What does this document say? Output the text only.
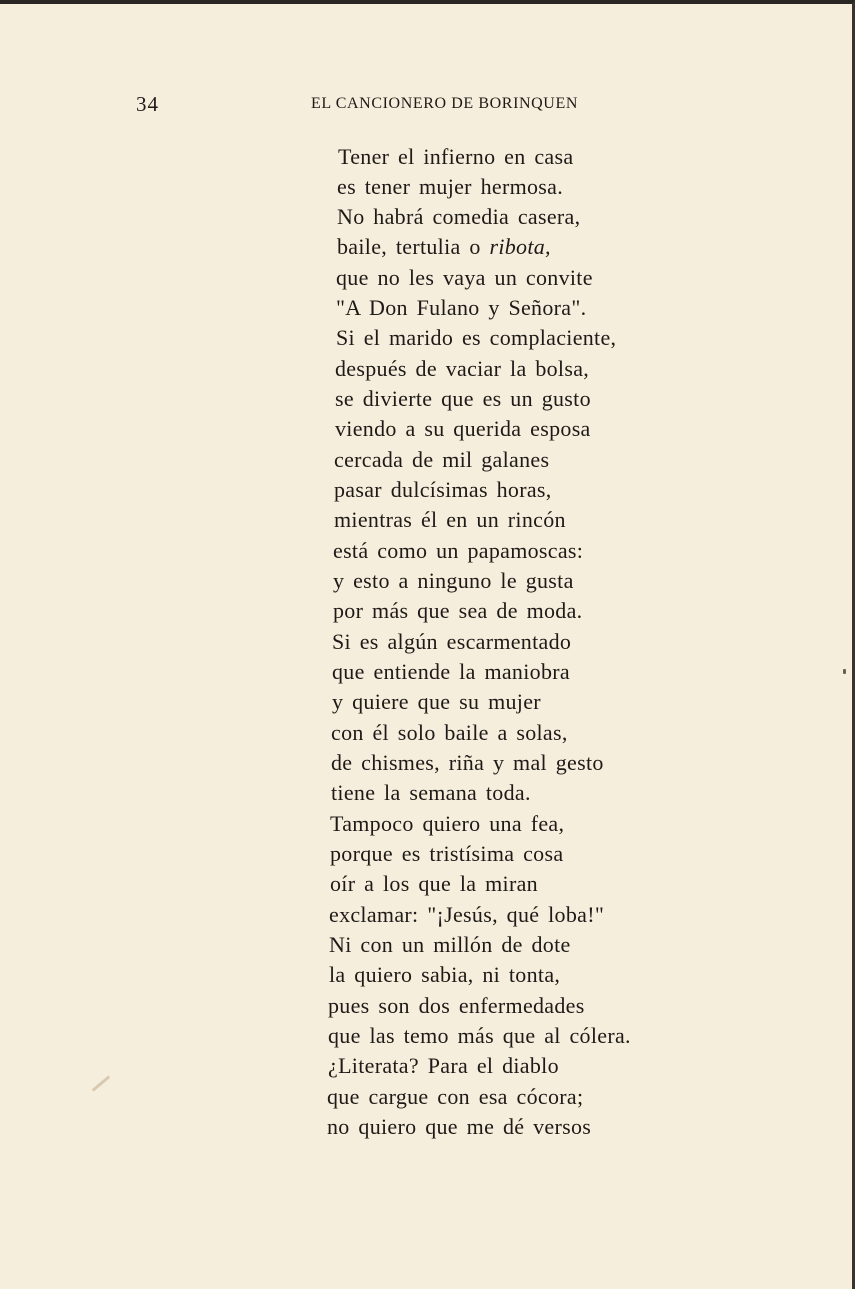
34	EL CANCIONERO DE BORINQUEN
Tener el infierno en casa
es tener mujer hermosa.
No habrá comedia casera,
baile, tertulia o ribota,
que no les vaya un convite
"A Don Fulano y Señora".
Si el marido es complaciente,
después de vaciar la bolsa,
se divierte que es un gusto
viendo a su querida esposa
cercada de mil galanes
pasar dulcísimas horas,
mientras él en un rincón
está como un papamoscas:
y esto a ninguno le gusta
por más que sea de moda.
Si es algún escarmentado
que entiende la maniobra
y quiere que su mujer
con él solo baile a solas,
de chismes, riña y mal gesto
tiene la semana toda.
Tampoco quiero una fea,
porque es tristísima cosa
oír a los que la miran
exclamar: "¡Jesús, qué loba!"
Ni con un millón de dote
la quiero sabia, ni tonta,
pues son dos enfermedades
que las temo más que al cólera.
¿Literata? Para el diablo
que cargue con esa cócora;
no quiero que me dé versos
